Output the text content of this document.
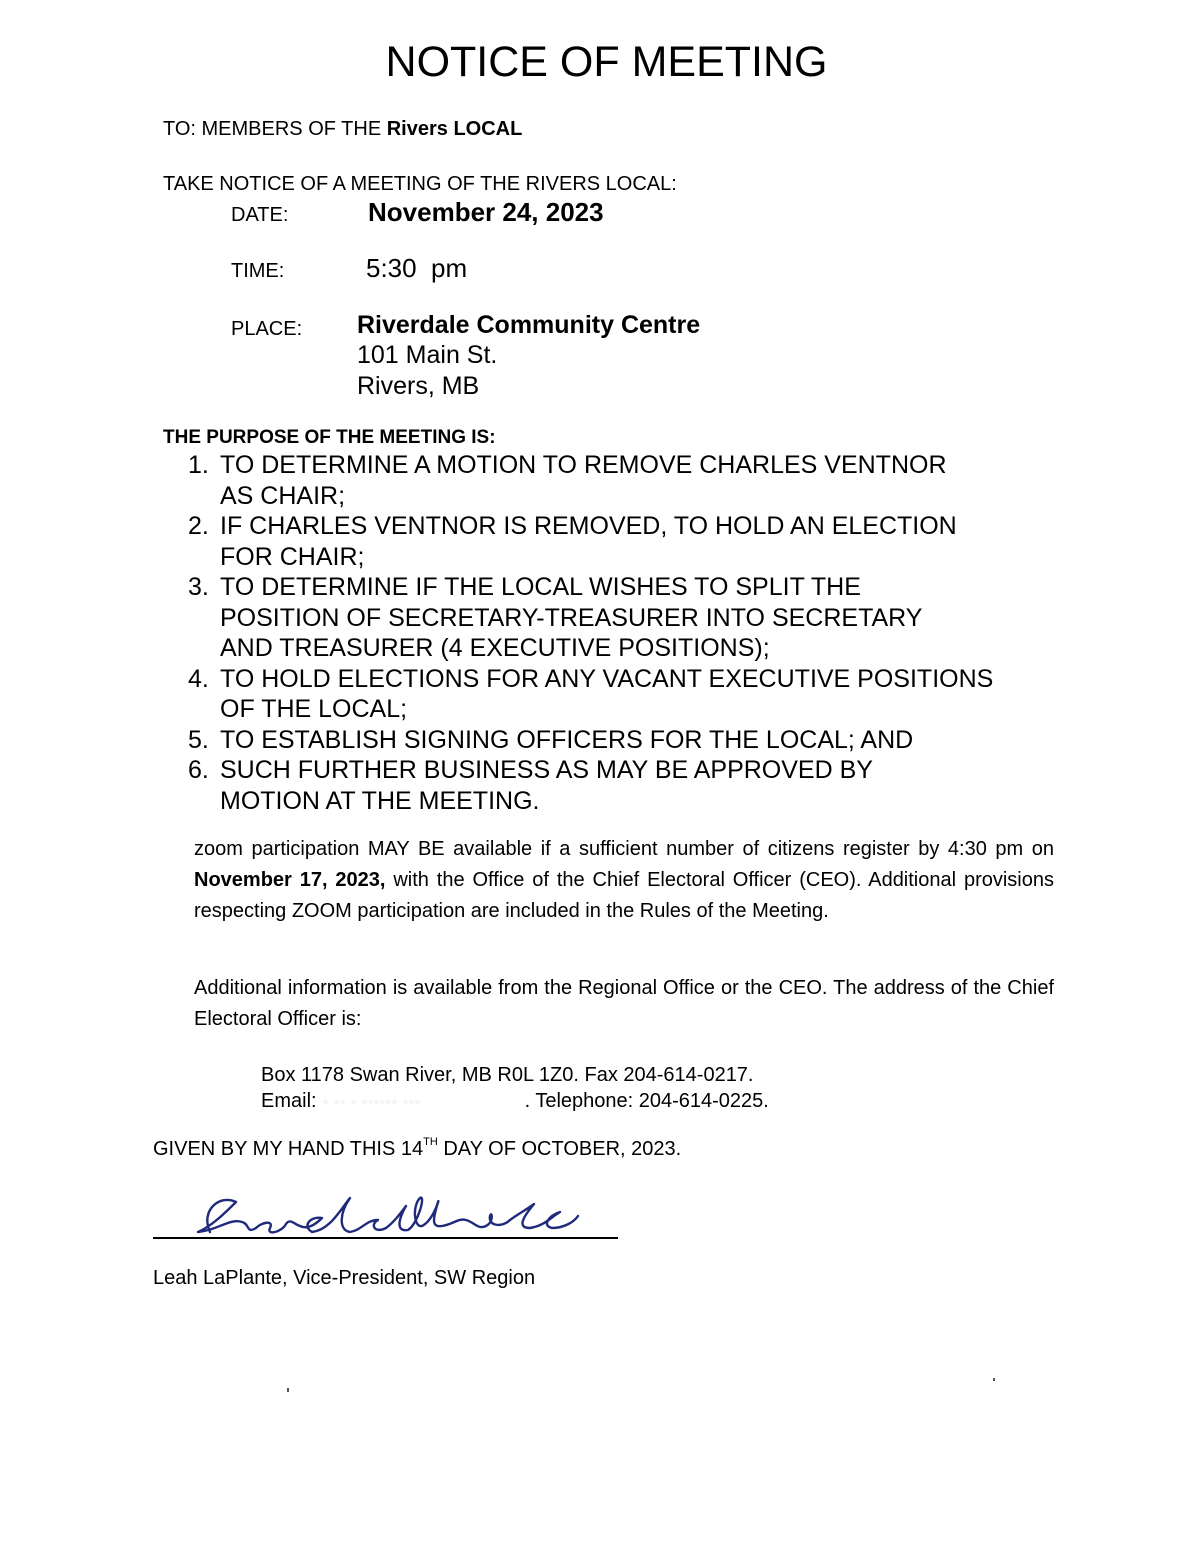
NOTICE OF MEETING
TO: MEMBERS OF THE Rivers LOCAL
TAKE NOTICE OF A MEETING OF THE RIVERS LOCAL:
DATE:	November 24, 2023
TIME:	5:30  pm
PLACE: Riverdale Community Centre
101 Main St.
Rivers, MB
THE PURPOSE OF THE MEETING IS:
1. TO DETERMINE A MOTION TO REMOVE CHARLES VENTNOR
AS CHAIR;
2. IF CHARLES VENTNOR IS REMOVED, TO HOLD AN ELECTION
FOR CHAIR;
3. TO DETERMINE IF THE LOCAL WISHES TO SPLIT THE
POSITION OF SECRETARY-TREASURER INTO SECRETARY
AND TREASURER (4 EXECUTIVE POSITIONS);
4. TO HOLD ELECTIONS FOR ANY VACANT EXECUTIVE POSITIONS
OF THE LOCAL;
5. TO ESTABLISH SIGNING OFFICERS FOR THE LOCAL; AND
6. SUCH FURTHER BUSINESS AS MAY BE APPROVED BY
MOTION AT THE MEETING.
zoom participation MAY BE available if a sufficient number of citizens register by 4:30 pm on November 17, 2023, with the Office of the Chief Electoral Officer (CEO). Additional provisions respecting ZOOM participation are included in the Rules of the Meeting.
Additional information is available from the Regional Office or the CEO. The address of the Chief Electoral Officer is:
Box 1178 Swan River, MB R0L 1Z0. Fax 204-614-0217.
Email: · ·· · ······ ···	. Telephone: 204-614-0225.
GIVEN BY MY HAND THIS 14TH DAY OF OCTOBER, 2023.
Leah LaPlante, Vice-President, SW Region
